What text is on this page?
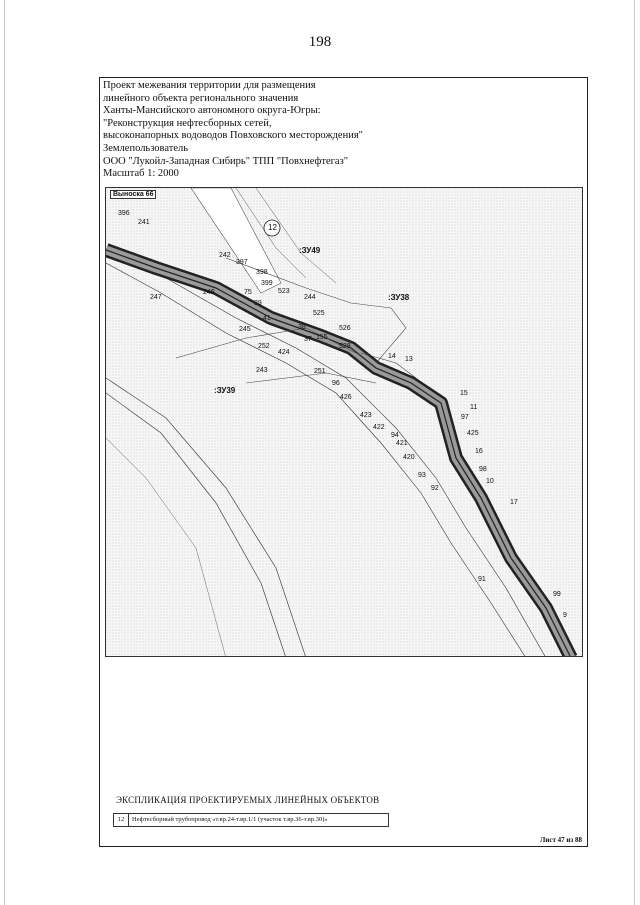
198
Проект межевания территории для размещения
линейного объекта регионального значения
Ханты-Мансийского автономного округа-Югры:
"Реконструкция нефтесборных сетей,
высоконапорных водоводов Повховского месторождения"
Землепользователь
ООО "Лукойл-Западная Сибирь" ТПП "Повхнефтегаз"
Масштаб 1: 2000
Выноска 66
12
:ЗУ49
:ЗУ38
:ЗУ39
396
241
242
397
398
399
523
244
75
246
39
525
41
526
38
155
37
528
245
252
424
14 13
243	251
96
426
15
11
423	97
422
425
94
421
420
16
98
93
10
92
17
91
99
9
247
ЭКСПЛИКАЦИЯ ПРОЕКТИРУЕМЫХ ЛИНЕЙНЫХ ОБЪЕКТОВ
12	Нефтесборный трубопровод «т.вр.24-т.вр.1/1 (участок т.вр.36-т.вр.30)»
Лист 47 из 88
